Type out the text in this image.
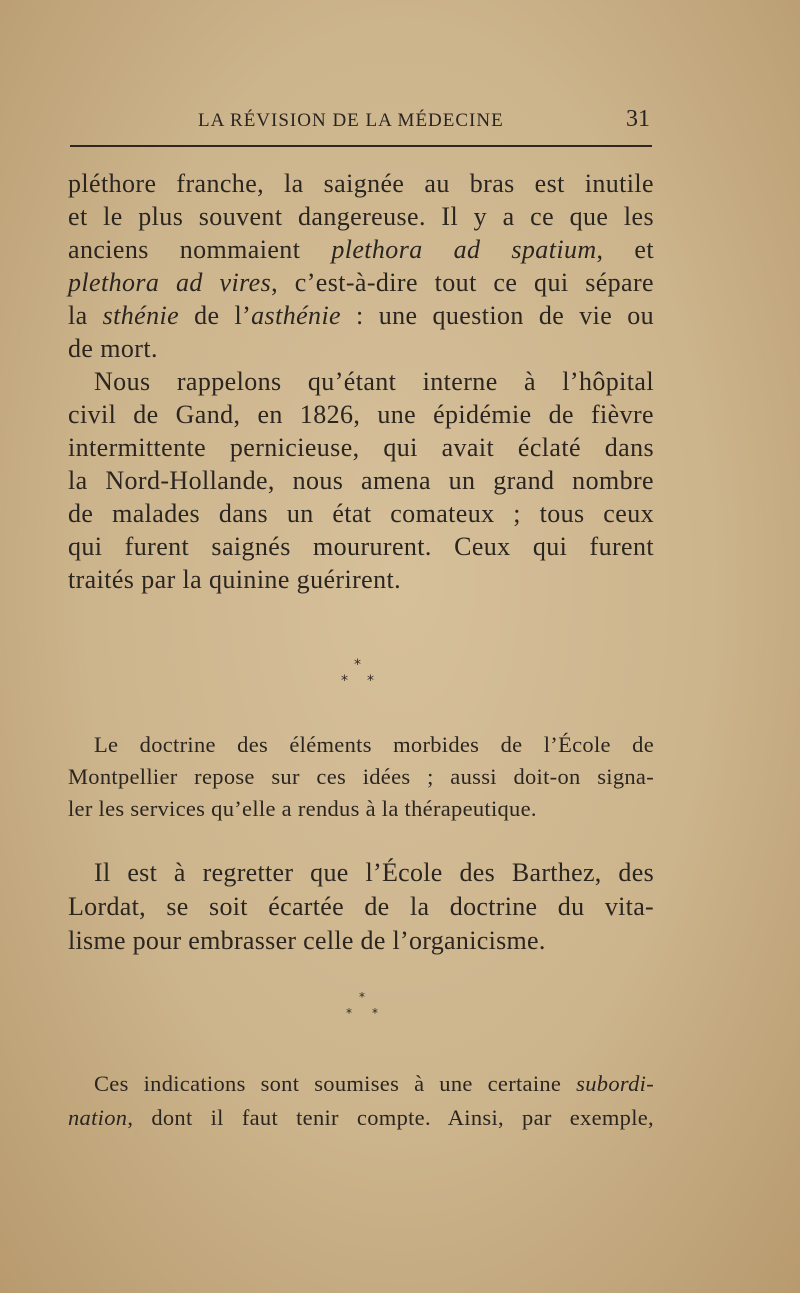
LA RÉVISION DE LA MÉDECINE	31
pléthore franche, la saignée au bras est inutile
et le plus souvent dangereuse. Il y a ce que les
anciens nommaient plethora ad spatium, et
plethora ad vires, c’est-à-dire tout ce qui sépare
la sthénie de l’asthénie : une question de vie ou
de mort.
Nous rappelons qu’étant interne à l’hôpital
civil de Gand, en 1826, une épidémie de fièvre
intermittente pernicieuse, qui avait éclaté dans
la Nord-Hollande, nous amena un grand nombre
de malades dans un état comateux ; tous ceux
qui furent saignés moururent. Ceux qui furent
traités par la quinine guérirent.
*
* *
Le doctrine des éléments morbides de l’École de
Montpellier repose sur ces idées ; aussi doit-on signa-
ler les services qu’elle a rendus à la thérapeutique.
Il est à regretter que l’École des Barthez, des
Lordat, se soit écartée de la doctrine du vita-
lisme pour embrasser celle de l’organicisme.
*
* *
Ces indications sont soumises à une certaine subordi-
nation, dont il faut tenir compte. Ainsi, par exemple,
